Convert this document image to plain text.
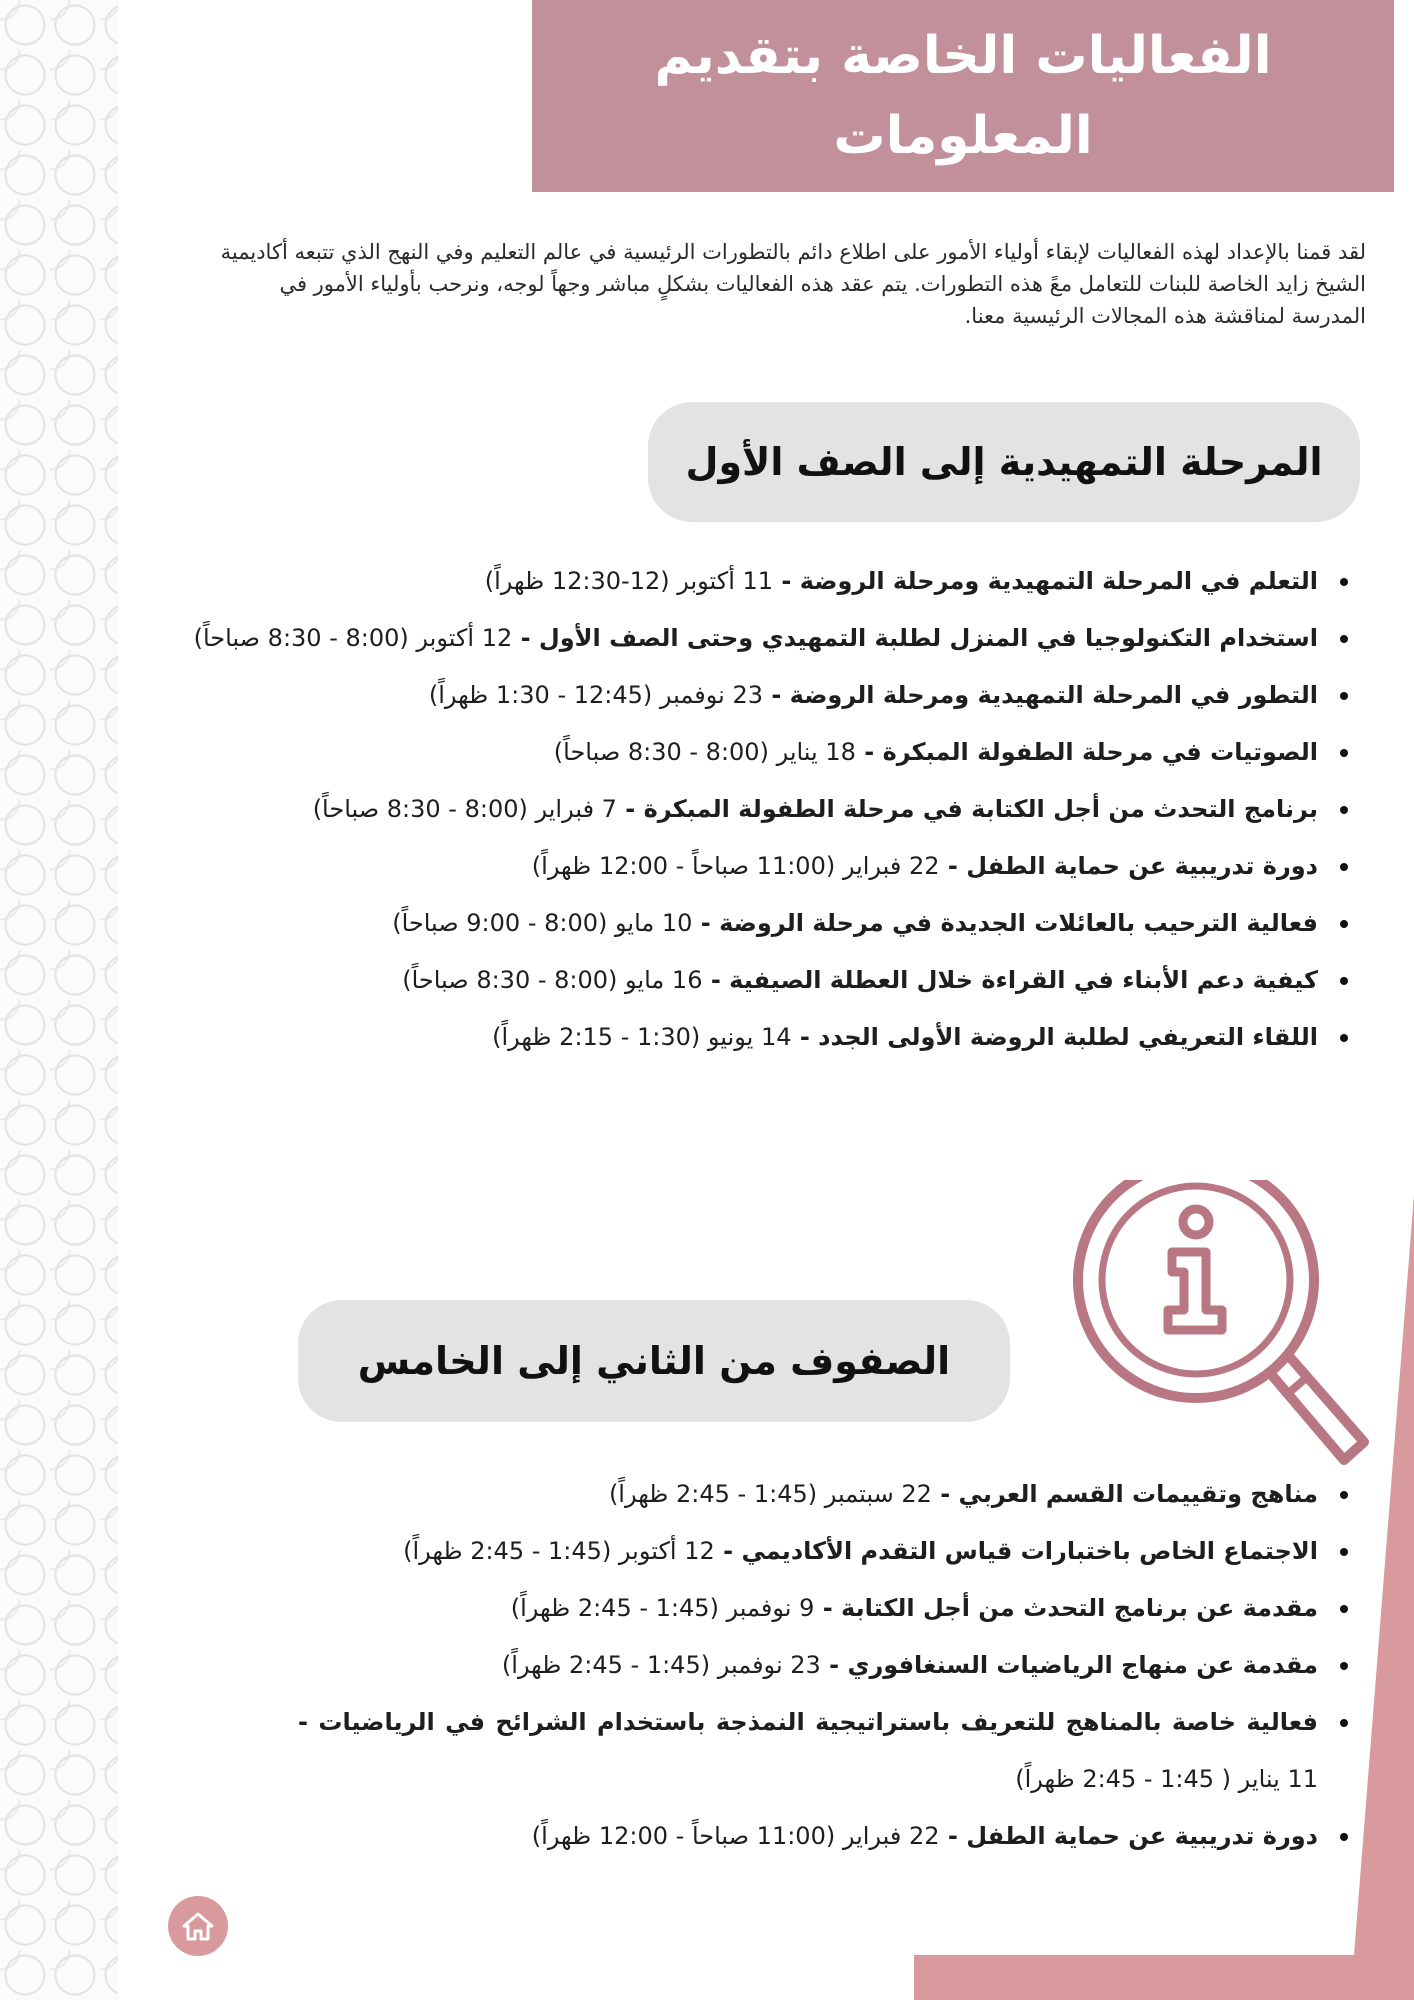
الفعاليات الخاصة بتقديم المعلومات
لقد قمنا بالإعداد لهذه الفعاليات لإبقاء أولياء الأمور على اطلاع دائم بالتطورات الرئيسية في عالم التعليم وفي النهج الذي تتبعه أكاديمية الشيخ زايد الخاصة للبنات للتعامل معً هذه التطورات. يتم عقد هذه الفعاليات بشكلٍ مباشر وجهاً لوجه، ونرحب بأولياء الأمور في المدرسة لمناقشة هذه المجالات الرئيسية معنا.
المرحلة التمهيدية إلى الصف الأول
التعلم في المرحلة التمهيدية ومرحلة الروضة - 11 أكتوبر (12-12:30 ظهراً)
استخدام التكنولوجيا في المنزل لطلبة التمهيدي وحتى الصف الأول - 12 أكتوبر (8:00 - 8:30 صباحاً)
التطور في المرحلة التمهيدية ومرحلة الروضة - 23 نوفمبر (12:45 - 1:30 ظهراً)
الصوتيات في مرحلة الطفولة المبكرة - 18 يناير (8:00 - 8:30 صباحاً)
برنامج التحدث من أجل الكتابة في مرحلة الطفولة المبكرة - 7 فبراير (8:00 - 8:30 صباحاً)
دورة تدريبية عن حماية الطفل - 22 فبراير (11:00 صباحاً - 12:00 ظهراً)
فعالية الترحيب بالعائلات الجديدة في مرحلة الروضة - 10 مايو (8:00 - 9:00 صباحاً)
كيفية دعم الأبناء في القراءة خلال العطلة الصيفية - 16 مايو (8:00 - 8:30 صباحاً)
اللقاء التعريفي لطلبة الروضة الأولى الجدد - 14 يونيو (1:30 - 2:15 ظهراً)
الصفوف من الثاني إلى الخامس
مناهج وتقييمات القسم العربي - 22 سبتمبر (1:45 - 2:45 ظهراً)
الاجتماع الخاص باختبارات قياس التقدم الأكاديمي - 12 أكتوبر (1:45 - 2:45 ظهراً)
مقدمة عن برنامج التحدث من أجل الكتابة - 9 نوفمبر (1:45 - 2:45 ظهراً)
مقدمة عن منهاج الرياضيات السنغافوري - 23 نوفمبر (1:45 - 2:45 ظهراً)
فعالية خاصة بالمناهج للتعريف باستراتيجية النمذجة باستخدام الشرائح في الرياضيات - 11 يناير ( 1:45 - 2:45 ظهراً)
دورة تدريبية عن حماية الطفل - 22 فبراير (11:00 صباحاً - 12:00 ظهراً)
